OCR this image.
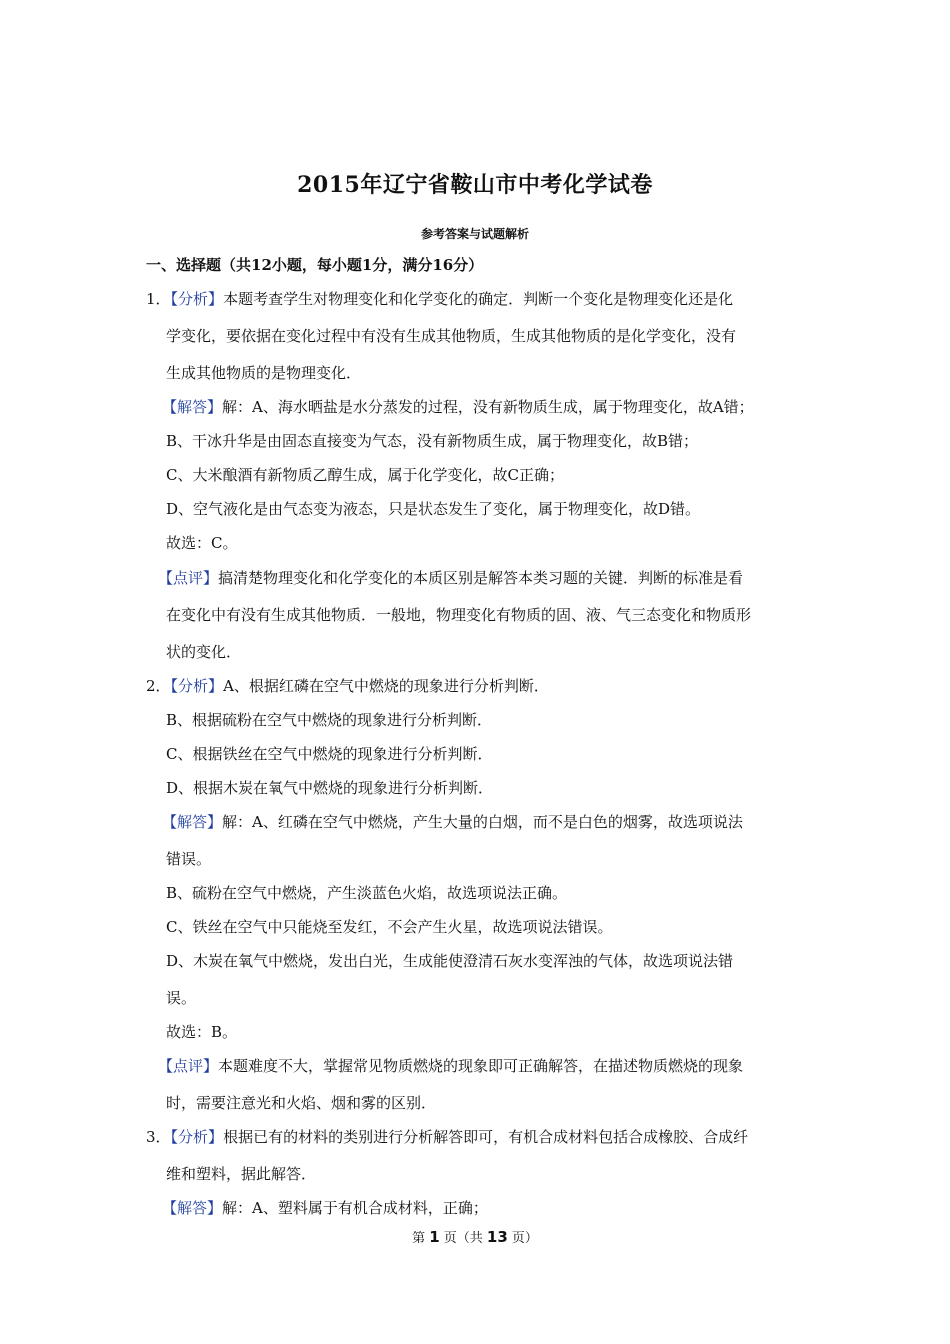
2015年辽宁省鞍山市中考化学试卷
参考答案与试题解析
一、选择题（共12小题，每小题1分，满分16分）
1．【分析】本题考查学生对物理变化和化学变化的确定．判断一个变化是物理变化还是化
学变化，要依据在变化过程中有没有生成其他物质，生成其他物质的是化学变化，没有
生成其他物质的是物理变化．
【解答】解：A、海水晒盐是水分蒸发的过程，没有新物质生成，属于物理变化，故A错；
B、干冰升华是由固态直接变为气态，没有新物质生成，属于物理变化，故B错；
C、大米酿酒有新物质乙醇生成，属于化学变化，故C正确；
D、空气液化是由气态变为液态，只是状态发生了变化，属于物理变化，故D错。
故选：C。
【点评】搞清楚物理变化和化学变化的本质区别是解答本类习题的关键．判断的标准是看
在变化中有没有生成其他物质．一般地，物理变化有物质的固、液、气三态变化和物质形
状的变化．
2．【分析】A、根据红磷在空气中燃烧的现象进行分析判断．
B、根据硫粉在空气中燃烧的现象进行分析判断．
C、根据铁丝在空气中燃烧的现象进行分析判断．
D、根据木炭在氧气中燃烧的现象进行分析判断．
【解答】解：A、红磷在空气中燃烧，产生大量的白烟，而不是白色的烟雾，故选项说法
错误。
B、硫粉在空气中燃烧，产生淡蓝色火焰，故选项说法正确。
C、铁丝在空气中只能烧至发红，不会产生火星，故选项说法错误。
D、木炭在氧气中燃烧，发出白光，生成能使澄清石灰水变浑浊的气体，故选项说法错
误。
故选：B。
【点评】本题难度不大，掌握常见物质燃烧的现象即可正确解答，在描述物质燃烧的现象
时，需要注意光和火焰、烟和雾的区别．
3．【分析】根据已有的材料的类别进行分析解答即可，有机合成材料包括合成橡胶、合成纤
维和塑料，据此解答．
【解答】解：A、塑料属于有机合成材料，正确；
第 1 页（共 13 页）
